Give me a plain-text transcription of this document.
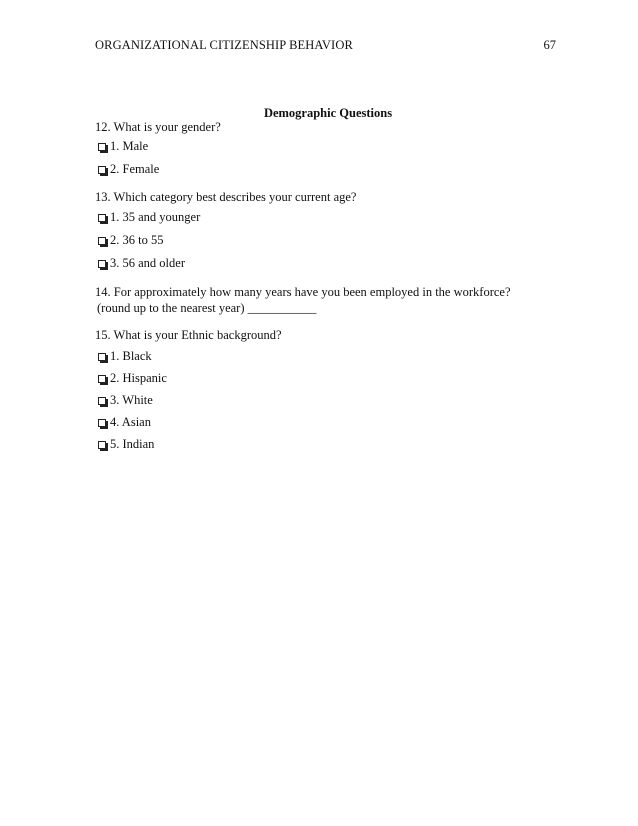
ORGANIZATIONAL CITIZENSHIP BEHAVIOR	67
Demographic Questions
12. What is your gender?
1. Male
2. Female
13. Which category best describes your current age?
1. 35 and younger
2. 36 to 55
3. 56 and older
14. For approximately how many years have you been employed in the workforce?
(round up to the nearest year) ___________
15. What is your Ethnic background?
1. Black
2. Hispanic
3. White
4. Asian
5. Indian
